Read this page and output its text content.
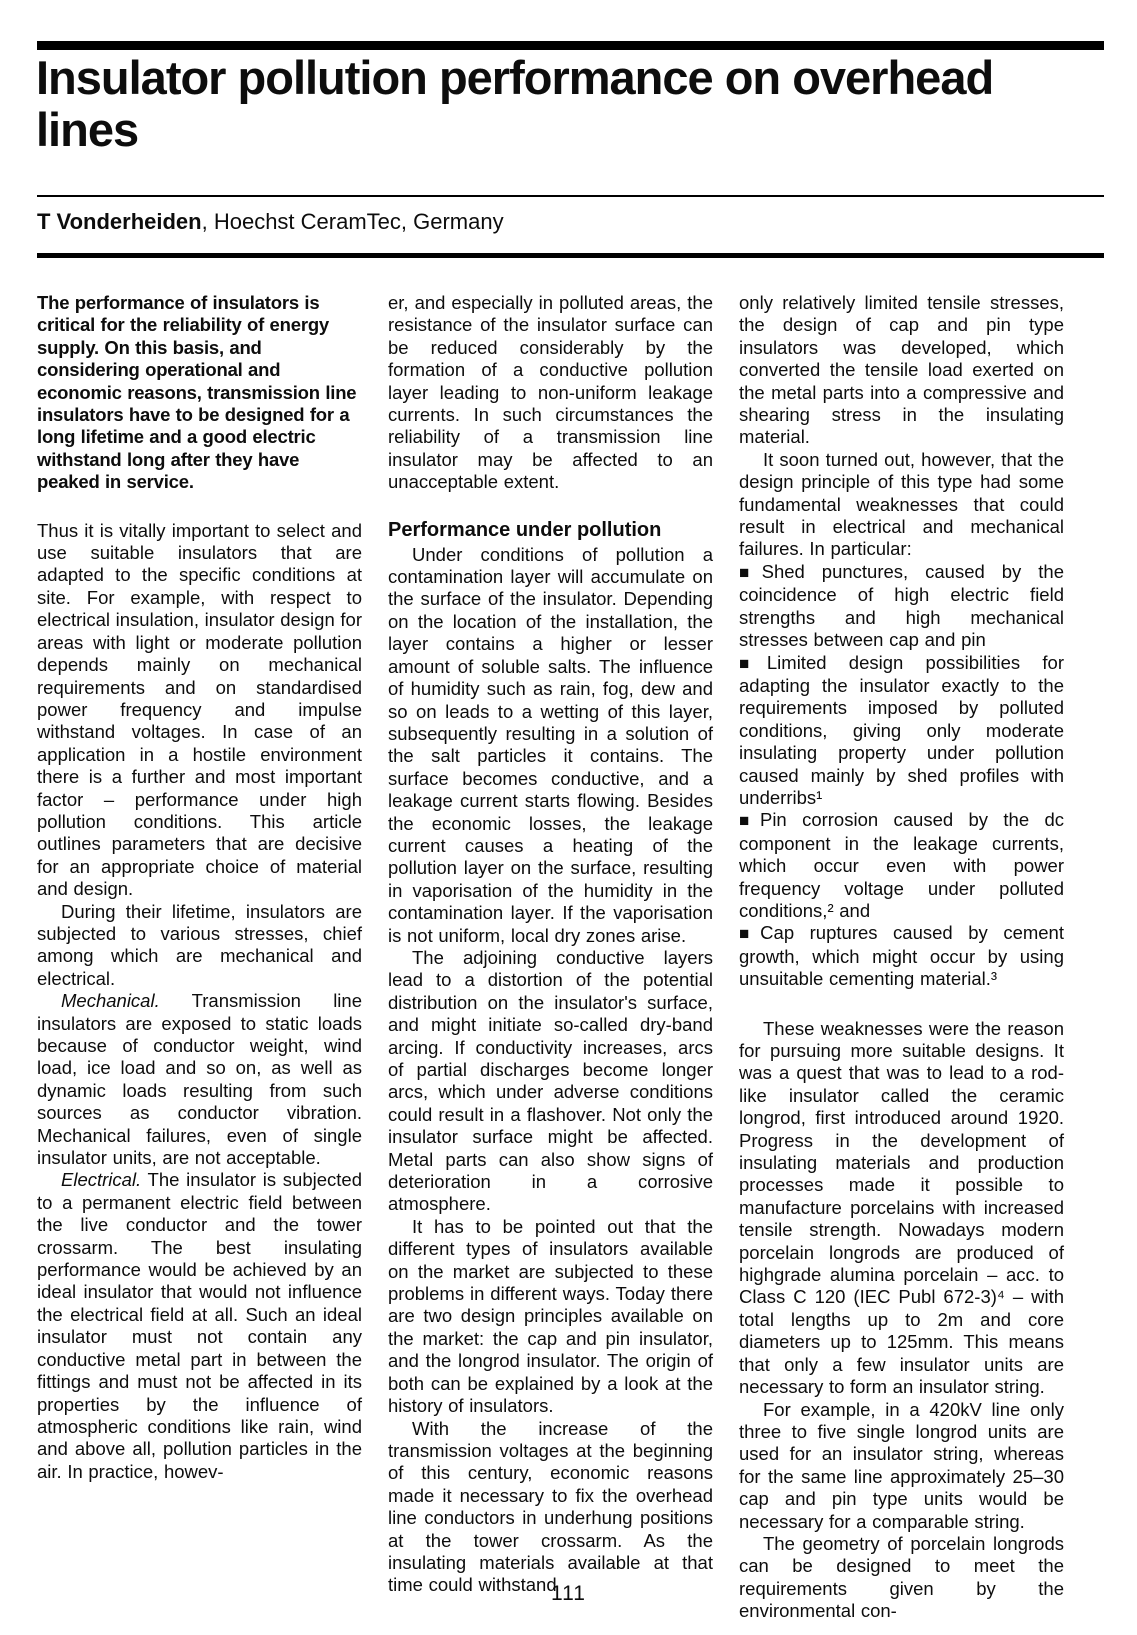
Insulator pollution performance on overhead lines
T Vonderheiden, Hoechst CeramTec, Germany

The performance of insulators is critical for the reliability of energy supply. On this basis, and considering operational and economic reasons, transmission line insulators have to be designed for a long lifetime and a good electric withstand long after they have peaked in service.

Thus it is vitally important to select and use suitable insulators that are adapted to the specific conditions at site. For example, with respect to electrical insulation, insulator design for areas with light or moderate pollution depends mainly on mechanical requirements and on standardised power frequency and impulse withstand voltages. In case of an application in a hostile environment there is a further and most important factor – performance under high pollution conditions. This article outlines parameters that are decisive for an appropriate choice of material and design.

During their lifetime, insulators are subjected to various stresses, chief among which are mechanical and electrical.

Mechanical. Transmission line insulators are exposed to static loads because of conductor weight, wind load, ice load and so on, as well as dynamic loads resulting from such sources as conductor vibration. Mechanical failures, even of single insulator units, are not acceptable.

Electrical. The insulator is subjected to a permanent electric field between the live conductor and the tower crossarm. The best insulating performance would be achieved by an ideal insulator that would not influence the electrical field at all. Such an ideal insulator must not contain any conductive metal part in between the fittings and must not be affected in its properties by the influence of atmospheric conditions like rain, wind and above all, pollution particles in the air. In practice, howev-

er, and especially in polluted areas, the resistance of the insulator surface can be reduced considerably by the formation of a conductive pollution layer leading to non-uniform leakage currents. In such circumstances the reliability of a transmission line insulator may be affected to an unacceptable extent.

Performance under pollution

Under conditions of pollution a contamination layer will accumulate on the surface of the insulator. Depending on the location of the installation, the layer contains a higher or lesser amount of soluble salts. The influence of humidity such as rain, fog, dew and so on leads to a wetting of this layer, subsequently resulting in a solution of the salt particles it contains. The surface becomes conductive, and a leakage current starts flowing. Besides the economic losses, the leakage current causes a heating of the pollution layer on the surface, resulting in vaporisation of the humidity in the contamination layer. If the vaporisation is not uniform, local dry zones arise.

The adjoining conductive layers lead to a distortion of the potential distribution on the insulator's surface, and might initiate so-called dry-band arcing. If conductivity increases, arcs of partial discharges become longer arcs, which under adverse conditions could result in a flashover. Not only the insulator surface might be affected. Metal parts can also show signs of deterioration in a corrosive atmosphere.

It has to be pointed out that the different types of insulators available on the market are subjected to these problems in different ways. Today there are two design principles available on the market: the cap and pin insulator, and the longrod insulator. The origin of both can be explained by a look at the history of insulators.

With the increase of the transmission voltages at the beginning of this century, economic reasons made it necessary to fix the overhead line conductors in underhung positions at the tower crossarm. As the insulating materials available at that time could withstand

only relatively limited tensile stresses, the design of cap and pin type insulators was developed, which converted the tensile load exerted on the metal parts into a compressive and shearing stress in the insulating material.

It soon turned out, however, that the design principle of this type had some fundamental weaknesses that could result in electrical and mechanical failures. In particular:

■Shed punctures, caused by the coincidence of high electric field strengths and high mechanical stresses between cap and pin

■Limited design possibilities for adapting the insulator exactly to the requirements imposed by polluted conditions, giving only moderate insulating property under pollution caused mainly by shed profiles with underribs¹

■Pin corrosion caused by the dc component in the leakage currents, which occur even with power frequency voltage under polluted conditions,² and

■Cap ruptures caused by cement growth, which might occur by using unsuitable cementing material.³

These weaknesses were the reason for pursuing more suitable designs. It was a quest that was to lead to a rod-like insulator called the ceramic longrod, first introduced around 1920. Progress in the development of insulating materials and production processes made it possible to manufacture porcelains with increased tensile strength. Nowadays modern porcelain longrods are produced of highgrade alumina porcelain – acc. to Class C 120 (IEC Publ 672-3)⁴ – with total lengths up to 2m and core diameters up to 125mm. This means that only a few insulator units are necessary to form an insulator string.

For example, in a 420kV line only three to five single longrod units are used for an insulator string, whereas for the same line approximately 25–30 cap and pin type units would be necessary for a comparable string.

The geometry of porcelain longrods can be designed to meet the requirements given by the environmental con-

111
